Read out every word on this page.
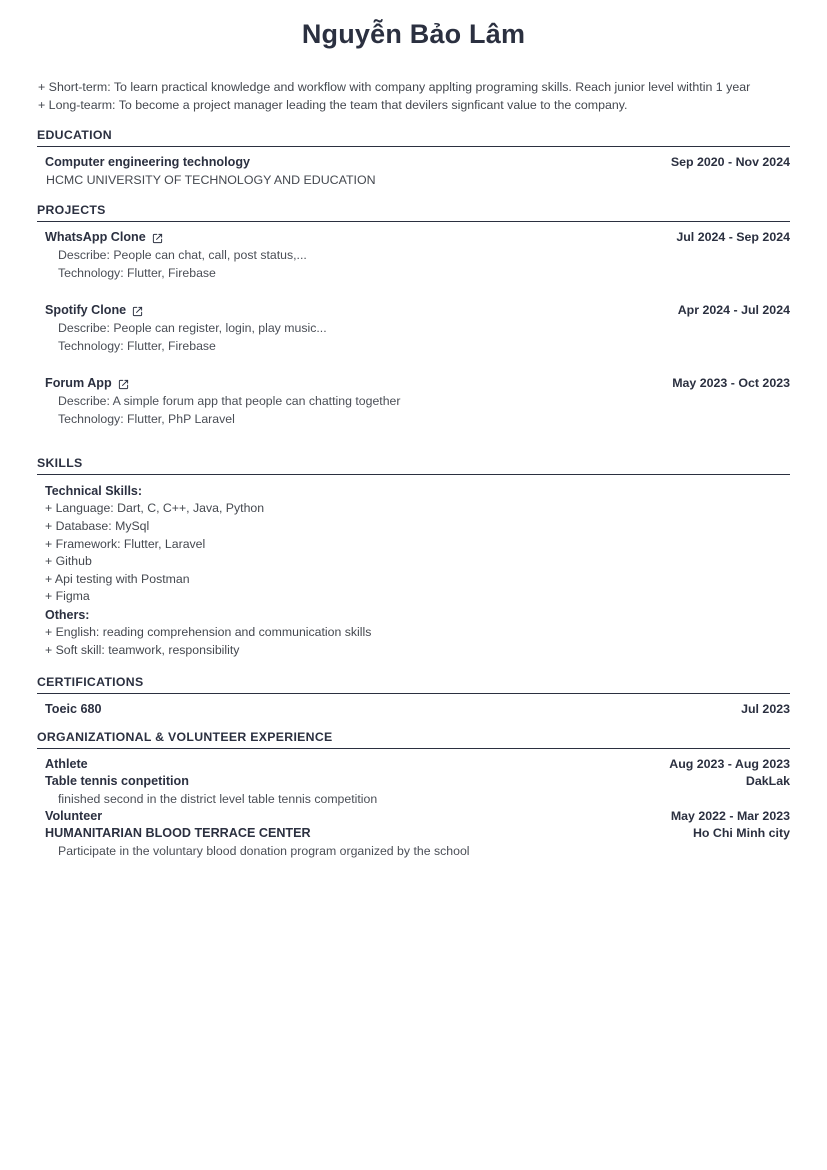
Nguyễn Bảo Lâm

+ Short-term: To learn practical knowledge and workflow with company applting programing skills. Reach junior level withtin 1 year

+ Long-tearm: To become a project manager leading the team that devilers signficant value to the company.

EDUCATION
Computer engineering technology	Sep 2020 - Nov 2024
HCMC UNIVERSITY OF TECHNOLOGY AND EDUCATION
PROJECTS
WhatsApp Clone	Jul 2024 - Sep 2024
Describe: People can chat, call, post status,...
Technology: Flutter, Firebase
Spotify Clone	Apr 2024 - Jul 2024
Describe: People can register, login, play music...
Technology: Flutter, Firebase
Forum App	May 2023 - Oct 2023
Describe: A simple forum app that people can chatting together
Technology: Flutter, PhP Laravel
SKILLS
Technical Skills:
+ Language: Dart, C, C++, Java, Python
+ Database: MySql
+ Framework: Flutter, Laravel
+ Github
+ Api testing with Postman
+ Figma
Others:
+ English: reading comprehension and communication skills
+ Soft skill: teamwork, responsibility
CERTIFICATIONS
Toeic 680	Jul 2023
ORGANIZATIONAL & VOLUNTEER EXPERIENCE
Athlete	Aug 2023 - Aug 2023
Table tennis conpetition	DakLak
finished second in the district level table tennis competition
Volunteer	May 2022 - Mar 2023
HUMANITARIAN BLOOD TERRACE CENTER	Ho Chi Minh city
Participate in the voluntary blood donation program organized by the school
